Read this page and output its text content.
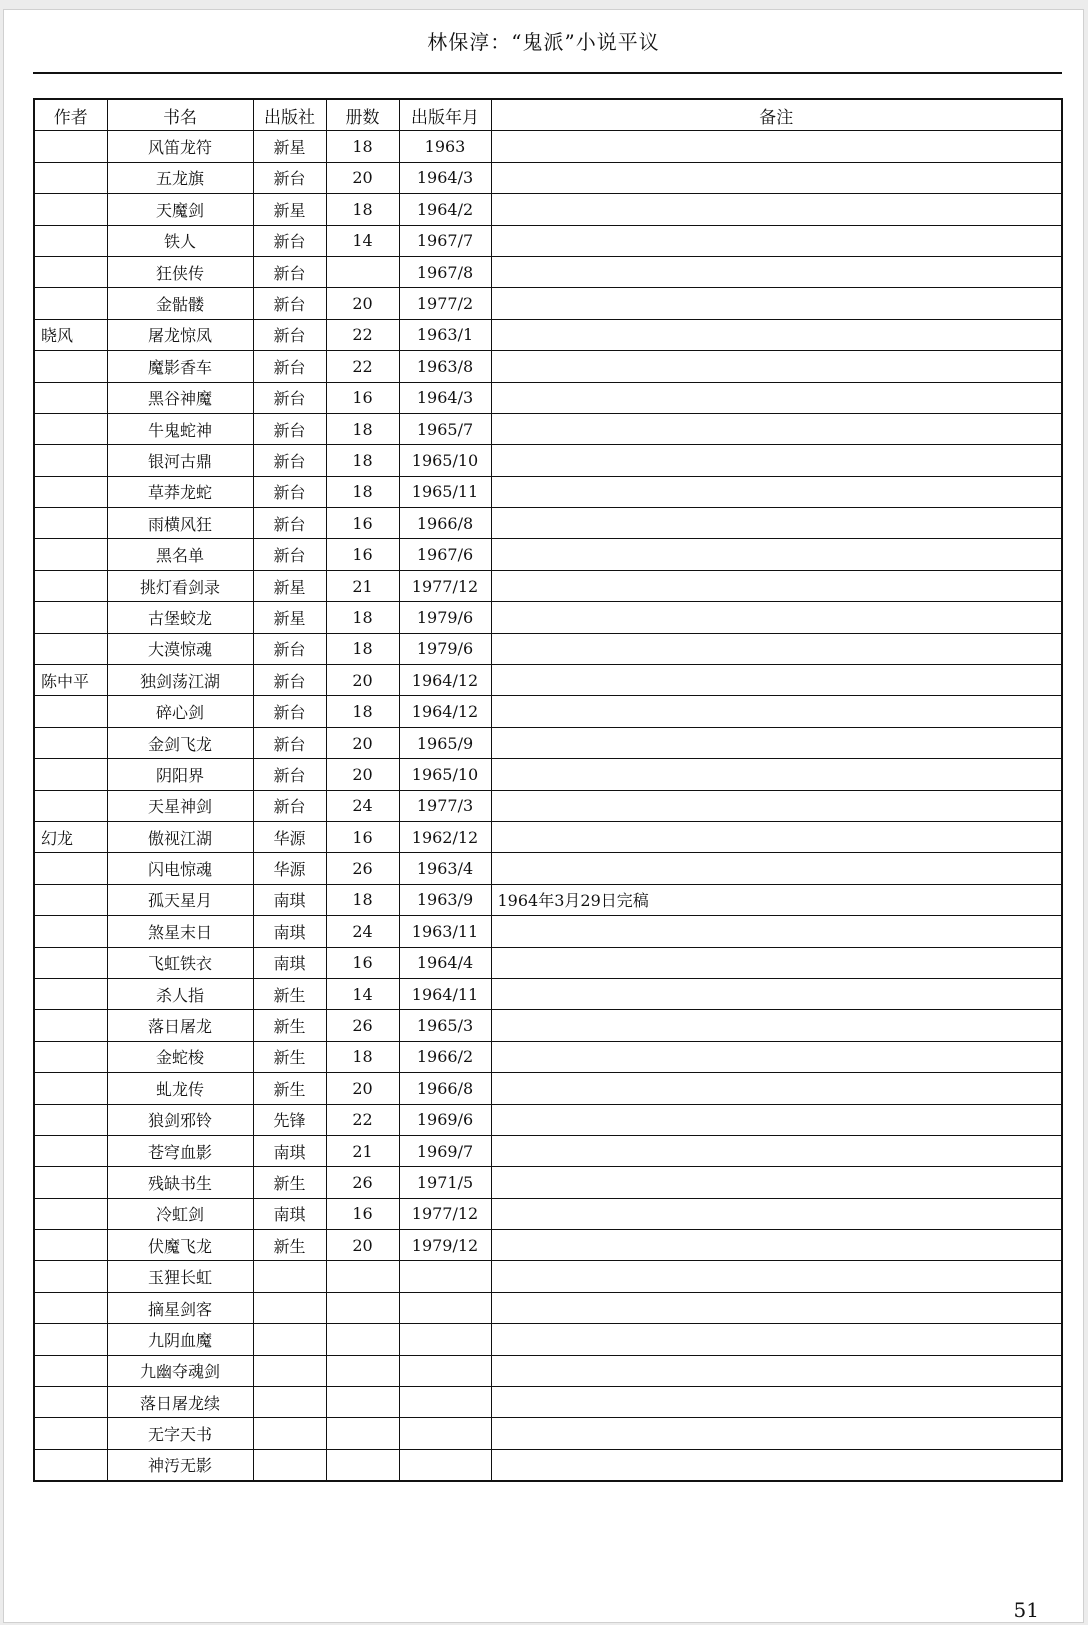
林保淳：“鬼派”小说平议
作者	书名	出版社	册数	出版年月	备注
	风笛龙符	新星	18	1963	
	五龙旗	新台	20	1964/3	
	天魔剑	新星	18	1964/2	
	铁人	新台	14	1967/7	
	狂侠传	新台		1967/8	
	金骷髅	新台	20	1977/2	
晓风	屠龙惊凤	新台	22	1963/1	
	魔影香车	新台	22	1963/8	
	黑谷神魔	新台	16	1964/3	
	牛鬼蛇神	新台	18	1965/7	
	银河古鼎	新台	18	1965/10	
	草莽龙蛇	新台	18	1965/11	
	雨横风狂	新台	16	1966/8	
	黑名单	新台	16	1967/6	
	挑灯看剑录	新星	21	1977/12	
	古堡蛟龙	新星	18	1979/6	
	大漠惊魂	新台	18	1979/6	
陈中平	独剑荡江湖	新台	20	1964/12	
	碎心剑	新台	18	1964/12	
	金剑飞龙	新台	20	1965/9	
	阴阳界	新台	20	1965/10	
	天星神剑	新台	24	1977/3	
幻龙	傲视江湖	华源	16	1962/12	
	闪电惊魂	华源	26	1963/4	
	孤天星月	南琪	18	1963/9	1964年3月29日完稿
	煞星末日	南琪	24	1963/11	
	飞虹铁衣	南琪	16	1964/4	
	杀人指	新生	14	1964/11	
	落日屠龙	新生	26	1965/3	
	金蛇梭	新生	18	1966/2	
	虬龙传	新生	20	1966/8	
	狼剑邪铃	先锋	22	1969/6	
	苍穹血影	南琪	21	1969/7	
	残缺书生	新生	26	1971/5	
	冷虹剑	南琪	16	1977/12	
	伏魔飞龙	新生	20	1979/12	
	玉狸长虹				
	摘星剑客				
	九阴血魔				
	九幽夺魂剑				
	落日屠龙续				
	无字天书				
	神汚无影				
51
